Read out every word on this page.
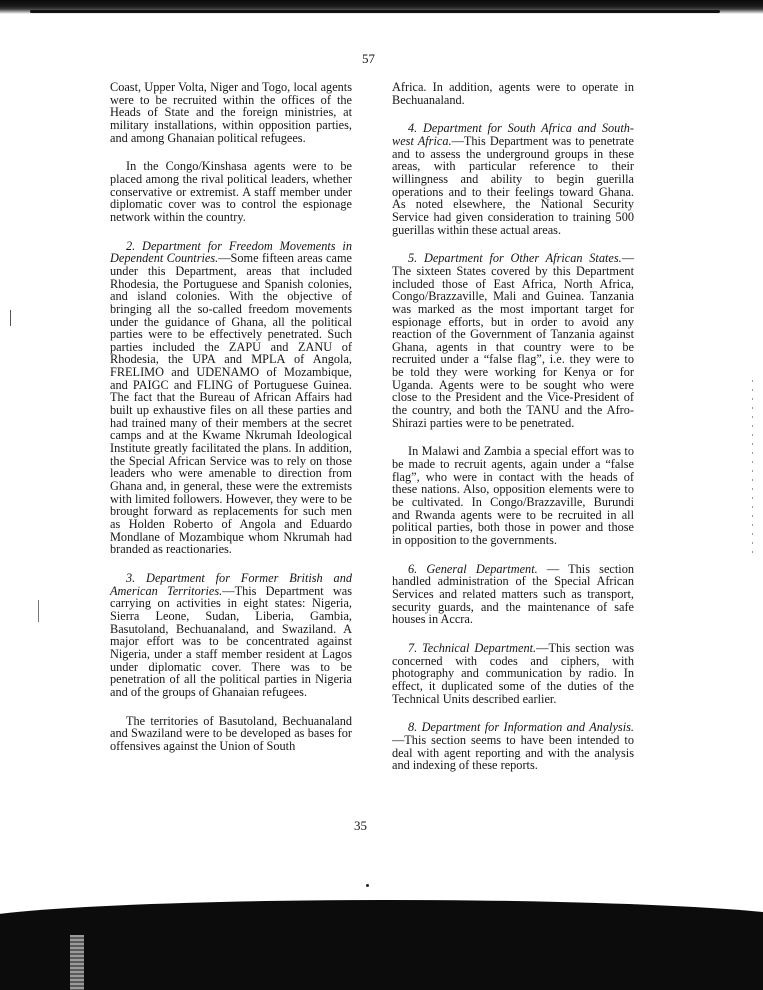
57

Coast, Upper Volta, Niger and Togo, local agents were to be recruited within the offices of the Heads of State and the foreign ministries, at military installations, within opposition parties, and among Ghanaian political refugees.

In the Congo/Kinshasa agents were to be placed among the rival political leaders, whether conservative or extremist. A staff member under diplomatic cover was to control the espionage network within the country.

2. Department for Freedom Movements in Dependent Countries.—Some fifteen areas came under this Department, areas that included Rhodesia, the Portuguese and Spanish colonies, and island colonies. With the objective of bringing all the so-called freedom movements under the guidance of Ghana, all the political parties were to be effectively penetrated. Such parties included the ZAPU and ZANU of Rhodesia, the UPA and MPLA of Angola, FRELIMO and UDENAMO of Mozambique, and PAIGC and FLING of Portuguese Guinea. The fact that the Bureau of African Affairs had built up exhaustive files on all these parties and had trained many of their members at the secret camps and at the Kwame Nkrumah Ideological Institute greatly facilitated the plans. In addition, the Special African Service was to rely on those leaders who were amenable to direction from Ghana and, in general, these were the extremists with limited followers. However, they were to be brought forward as replacements for such men as Holden Roberto of Angola and Eduardo Mondlane of Mozambique whom Nkrumah had branded as reactionaries.

3. Department for Former British and American Territories.—This Department was carrying on activities in eight states: Nigeria, Sierra Leone, Sudan, Liberia, Gambia, Basutoland, Bechuanaland, and Swaziland. A major effort was to be concentrated against Nigeria, under a staff member resident at Lagos under diplomatic cover. There was to be penetration of all the political parties in Nigeria and of the groups of Ghanaian refugees.

The territories of Basutoland, Bechuanaland and Swaziland were to be developed as bases for offensives against the Union of South

Africa. In addition, agents were to operate in Bechuanaland.

4. Department for South Africa and South-west Africa.—This Department was to penetrate and to assess the underground groups in these areas, with particular reference to their willingness and ability to begin guerilla operations and to their feelings toward Ghana. As noted elsewhere, the National Security Service had given consideration to training 500 guerillas within these actual areas.

5. Department for Other African States.—The sixteen States covered by this Department included those of East Africa, North Africa, Congo/Brazzaville, Mali and Guinea. Tanzania was marked as the most important target for espionage efforts, but in order to avoid any reaction of the Government of Tanzania against Ghana, agents in that country were to be recruited under a “false flag”, i.e. they were to be told they were working for Kenya or for Uganda. Agents were to be sought who were close to the President and the Vice-President of the country, and both the TANU and the Afro-Shirazi parties were to be penetrated.

In Malawi and Zambia a special effort was to be made to recruit agents, again under a “false flag”, who were in contact with the heads of these nations. Also, opposition elements were to be cultivated. In Congo/Brazzaville, Burundi and Rwanda agents were to be recruited in all political parties, both those in power and those in opposition to the governments.

6. General Department. — This section handled administration of the Special African Services and related matters such as transport, security guards, and the maintenance of safe houses in Accra.

7. Technical Department.—This section was concerned with codes and ciphers, with photography and communication by radio. In effect, it duplicated some of the duties of the Technical Units described earlier.

8. Department for Information and Analysis.—This section seems to have been intended to deal with agent reporting and with the analysis and indexing of these reports.

35
